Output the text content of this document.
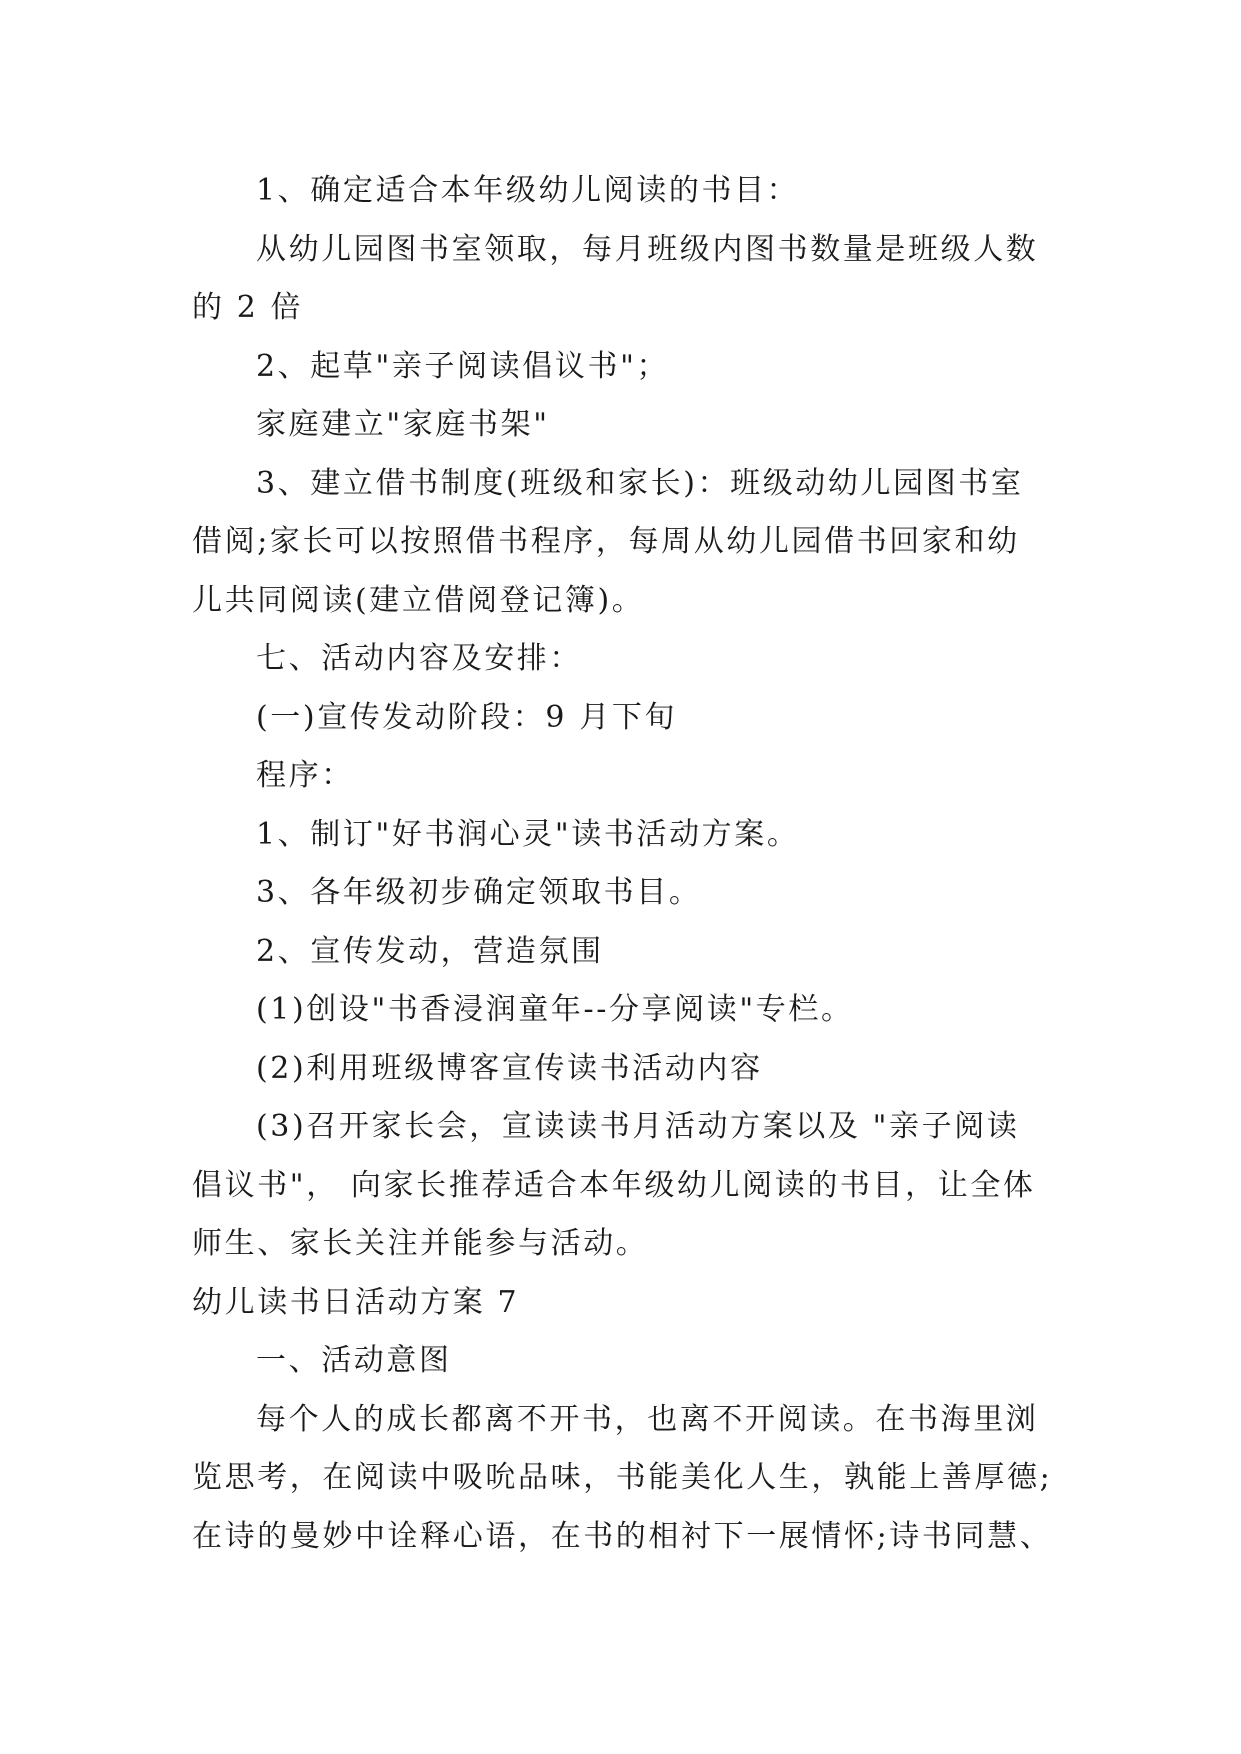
1、确定适合本年级幼儿阅读的书目：
从幼儿园图书室领取，每月班级内图书数量是班级人数
的 2 倍
2、起草"亲子阅读倡议书"；
家庭建立"家庭书架"
3、建立借书制度(班级和家长)：班级动幼儿园图书室
借阅;家长可以按照借书程序，每周从幼儿园借书回家和幼
儿共同阅读(建立借阅登记簿)。
七、活动内容及安排：
(一)宣传发动阶段：9 月下旬
程序：
1、制订"好书润心灵"读书活动方案。
3、各年级初步确定领取书目。
2、宣传发动，营造氛围
(1)创设"书香浸润童年--分享阅读"专栏。
(2)利用班级博客宣传读书活动内容
(3)召开家长会，宣读读书月活动方案以及 "亲子阅读
倡议书"， 向家长推荐适合本年级幼儿阅读的书目，让全体
师生、家长关注并能参与活动。
幼儿读书日活动方案 7
一、活动意图
每个人的成长都离不开书，也离不开阅读。在书海里浏
览思考，在阅读中吸吮品味，书能美化人生，孰能上善厚德;
在诗的曼妙中诠释心语，在书的相衬下一展情怀;诗书同慧、
